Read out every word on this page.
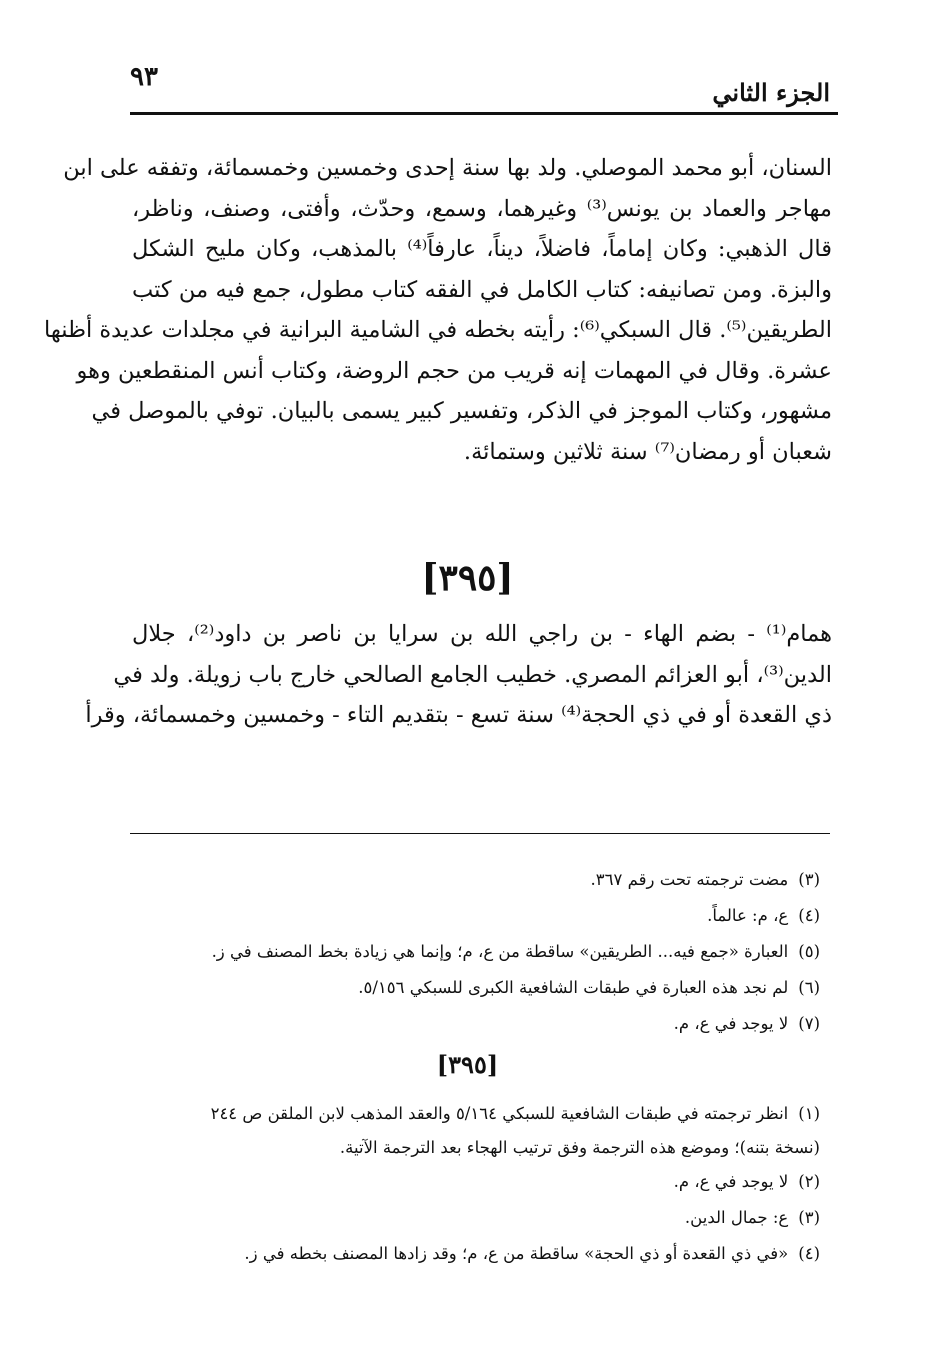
٩٣
الجزء الثاني
السنان، أبو محمد الموصلي. ولد بها سنة إحدى وخمسين وخمسمائة، وتفقه على ابن
مهاجر والعماد بن يونس⁽³⁾ وغيرهما، وسمع، وحدّث، وأفتى، وصنف، وناظر،
قال الذهبي: وكان إماماً، فاضلاً، ديناً، عارفاً⁽⁴⁾ بالمذهب، وكان مليح الشكل
والبزة. ومن تصانيفه: كتاب الكامل في الفقه كتاب مطول، جمع فيه من كتب
الطريقين⁽⁵⁾. قال السبكي⁽⁶⁾: رأيته بخطه في الشامية البرانية في مجلدات عديدة أظنها
عشرة. وقال في المهمات إنه قريب من حجم الروضة، وكتاب أنس المنقطعين وهو
مشهور، وكتاب الموجز في الذكر، وتفسير كبير يسمى بالبيان. توفي بالموصل في
شعبان أو رمضان⁽⁷⁾ سنة ثلاثين وستمائة.
[٣٩٥]
همام⁽¹⁾ - بضم الهاء - بن راجي الله بن سرايا بن ناصر بن داود⁽²⁾، جلال
الدين⁽³⁾، أبو العزائم المصري. خطيب الجامع الصالحي خارج باب زويلة. ولد في
ذي القعدة أو في ذي الحجة⁽⁴⁾ سنة تسع - بتقديم التاء - وخمسين وخمسمائة، وقرأ
(٣)مضت ترجمته تحت رقم ٣٦٧.
(٤)ع، م: عالماً.
(٥)العبارة «جمع فيه... الطريقين» ساقطة من ع، م؛ وإنما هي زيادة بخط المصنف في ز.
(٦)لم نجد هذه العبارة في طبقات الشافعية الكبرى للسبكي ٥/١٥٦.
(٧)لا يوجد في ع، م.
[٣٩٥]
(١)انظر ترجمته في طبقات الشافعية للسبكي ٥/١٦٤ والعقد المذهب لابن الملقن ص ٢٤٤
(نسخة بتنه)؛ وموضع هذه الترجمة وفق ترتيب الهجاء بعد الترجمة الآتية.
(٢)لا يوجد في ع، م.
(٣)ع: جمال الدين.
(٤)«في ذي القعدة أو ذي الحجة» ساقطة من ع، م؛ وقد زادها المصنف بخطه في ز.
